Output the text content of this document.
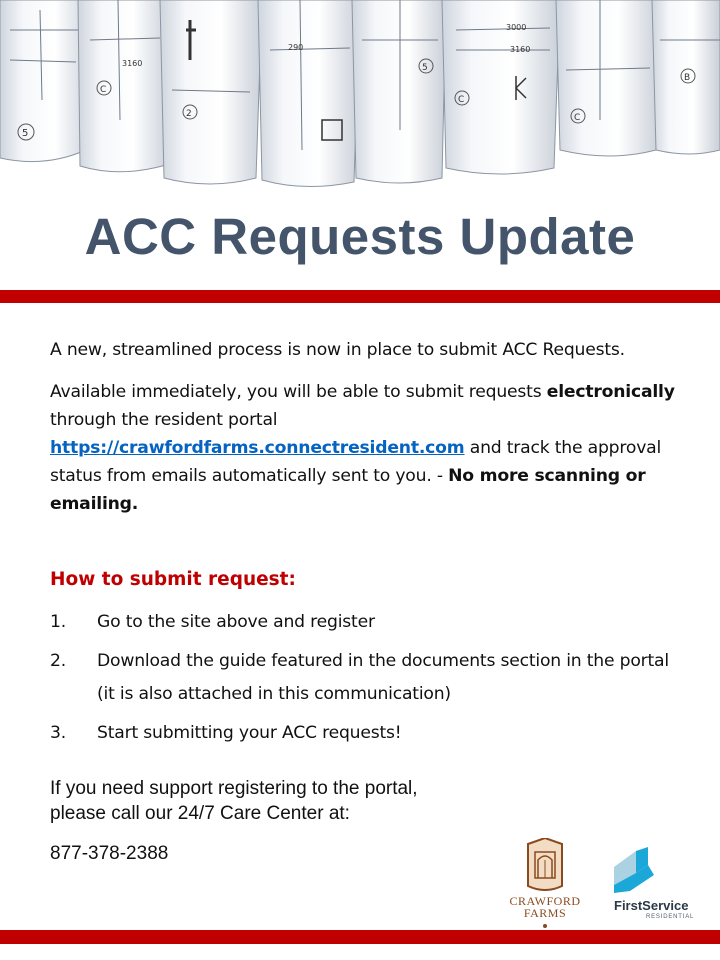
5
C
3160
2
290
5
3000
3160
C
C
B
ACC Requests Update

A new, streamlined process is now in place to submit ACC Requests.

Available immediately, you will be able to submit requests electronically through the resident portal https://crawfordfarms.connectresident.com and track the approval status from emails automatically sent to you. - No more scanning or emailing.

How to submit request:
1.	Go to the site above and register
2.	Download the guide featured in the documents section in the portal (it is also attached in this communication)
3.	Start submitting your ACC requests!
If you need support registering to the portal,
please call our 24/7 Care Center at:
877-378-2388
CRAWFORD
FARMS	FirstService
RESIDENTIAL
